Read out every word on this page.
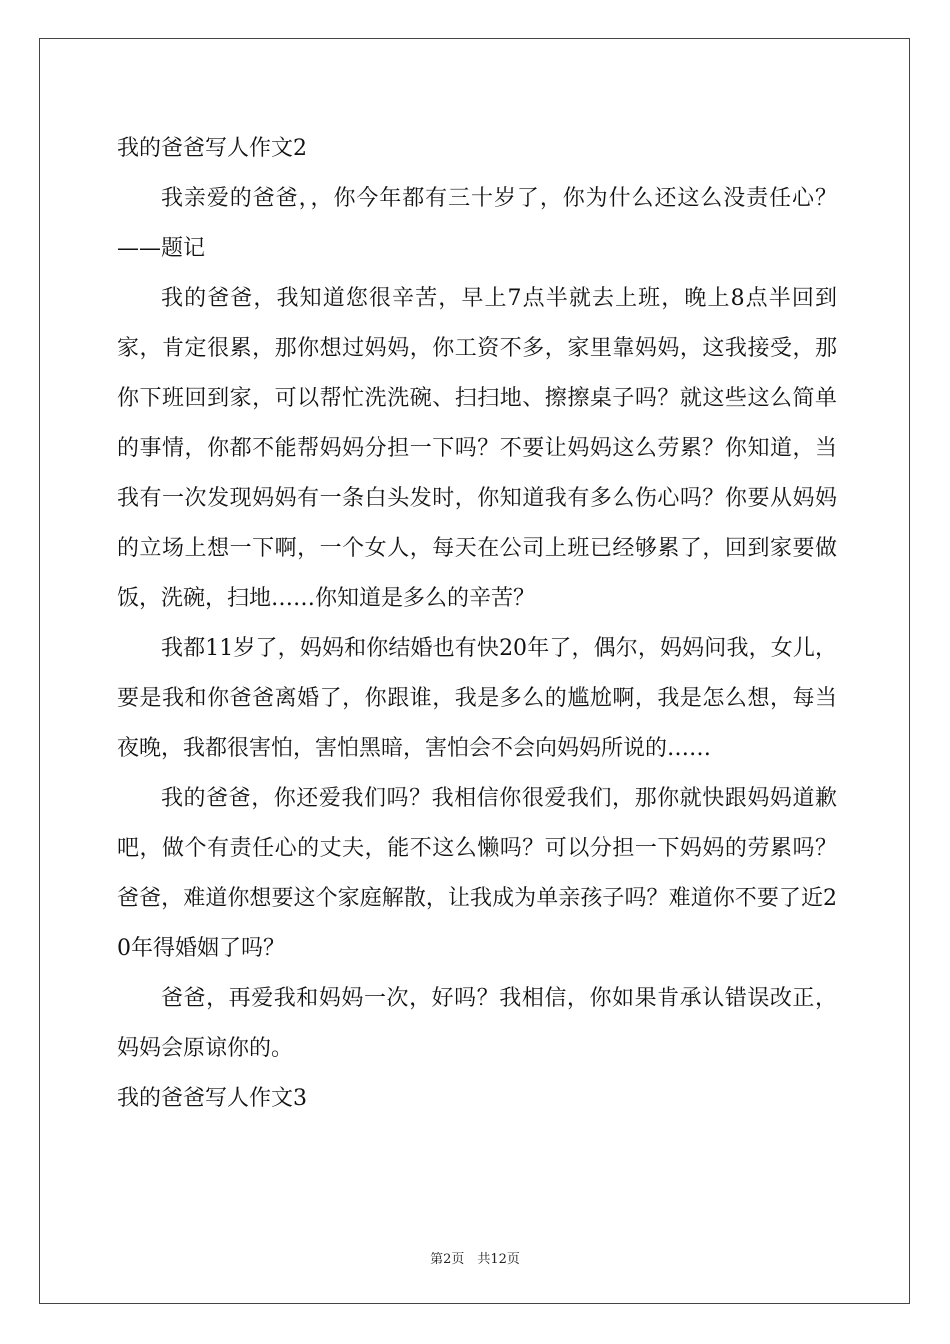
我的爸爸写人作文2

我亲爱的爸爸，，你今年都有三十岁了，你为什么还这么没责任心？——题记

我的爸爸，我知道您很辛苦，早上7点半就去上班，晚上8点半回到家，肯定很累，那你想过妈妈，你工资不多，家里靠妈妈，这我接受，那你下班回到家，可以帮忙洗洗碗、扫扫地、擦擦桌子吗？就这些这么简单的事情，你都不能帮妈妈分担一下吗？不要让妈妈这么劳累？你知道，当我有一次发现妈妈有一条白头发时，你知道我有多么伤心吗？你要从妈妈的立场上想一下啊，一个女人，每天在公司上班已经够累了，回到家要做饭，洗碗，扫地……你知道是多么的辛苦？

我都11岁了，妈妈和你结婚也有快20年了，偶尔，妈妈问我，女儿，要是我和你爸爸离婚了，你跟谁，我是多么的尴尬啊，我是怎么想，每当夜晚，我都很害怕，害怕黑暗，害怕会不会向妈妈所说的……

我的爸爸，你还爱我们吗？我相信你很爱我们，那你就快跟妈妈道歉吧，做个有责任心的丈夫，能不这么懒吗？可以分担一下妈妈的劳累吗？爸爸，难道你想要这个家庭解散，让我成为单亲孩子吗？难道你不要了近20年得婚姻了吗？

爸爸，再爱我和妈妈一次，好吗？我相信，你如果肯承认错误改正，妈妈会原谅你的。

我的爸爸写人作文3
第2页　共12页
